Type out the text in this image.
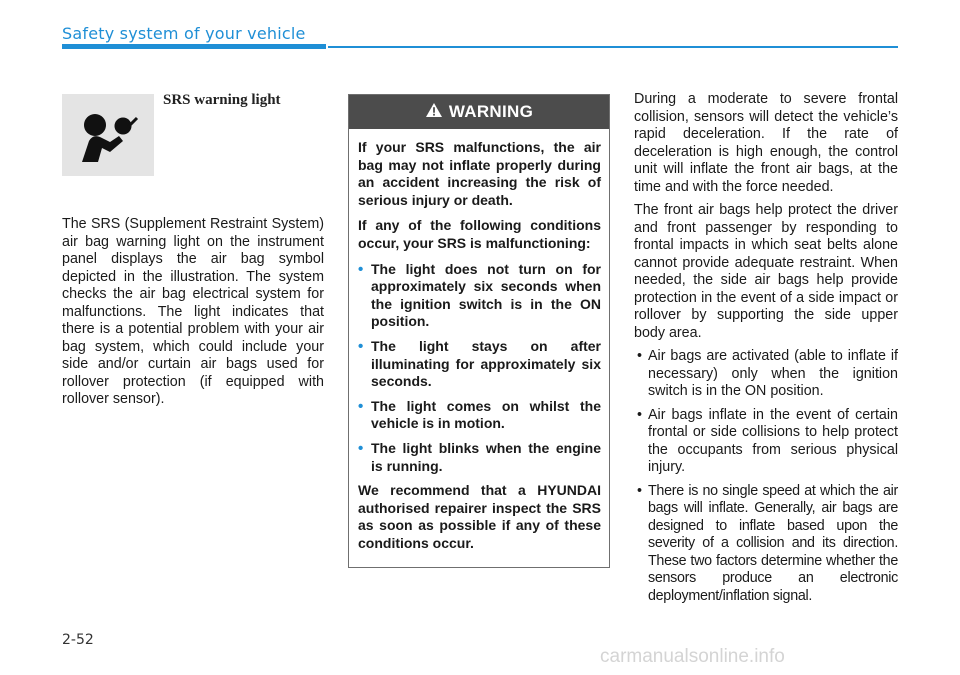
Safety system of your vehicle
SRS warning light
The SRS (Supplement Restraint System) air bag warning light on the instrument panel displays the air bag symbol depicted in the illustration. The system checks the air bag electrical system for malfunctions. The light indicates that there is a potential problem with your air bag system, which could include your side and/or curtain air bags used for rollover protection (if equipped with rollover sensor).
WARNING

If your SRS malfunctions, the air bag may not inflate properly during an accident increasing the risk of serious injury or death.

If any of the following conditions occur, your SRS is malfunctioning:

• The light does not turn on for approximately six seconds when the ignition switch is in the ON position.
• The light stays on after illuminating for approximately six seconds.
• The light comes on whilst the vehicle is in motion.
• The light blinks when the engine is running.

We recommend that a HYUNDAI authorised repairer inspect the SRS as soon as possible if any of these conditions occur.

During a moderate to severe frontal collision, sensors will detect the vehicle’s rapid deceleration. If the rate of deceleration is high enough, the control unit will inflate the front air bags, at the time and with the force needed.

The front air bags help protect the driver and front passenger by responding to frontal impacts in which seat belts alone cannot provide adequate restraint. When needed, the side air bags help provide protection in the event of a side impact or rollover by supporting the side upper body area.

• Air bags are activated (able to inflate if necessary) only when the ignition switch is in the ON position.
• Air bags inflate in the event of certain frontal or side collisions to help protect the occupants from serious physical injury.
• There is no single speed at which the air bags will inflate. Generally, air bags are designed to inflate based upon the severity of a collision and its direction. These two factors determine whether the sensors produce an electronic deployment/inflation signal.
2-52
carmanualsonline.info
